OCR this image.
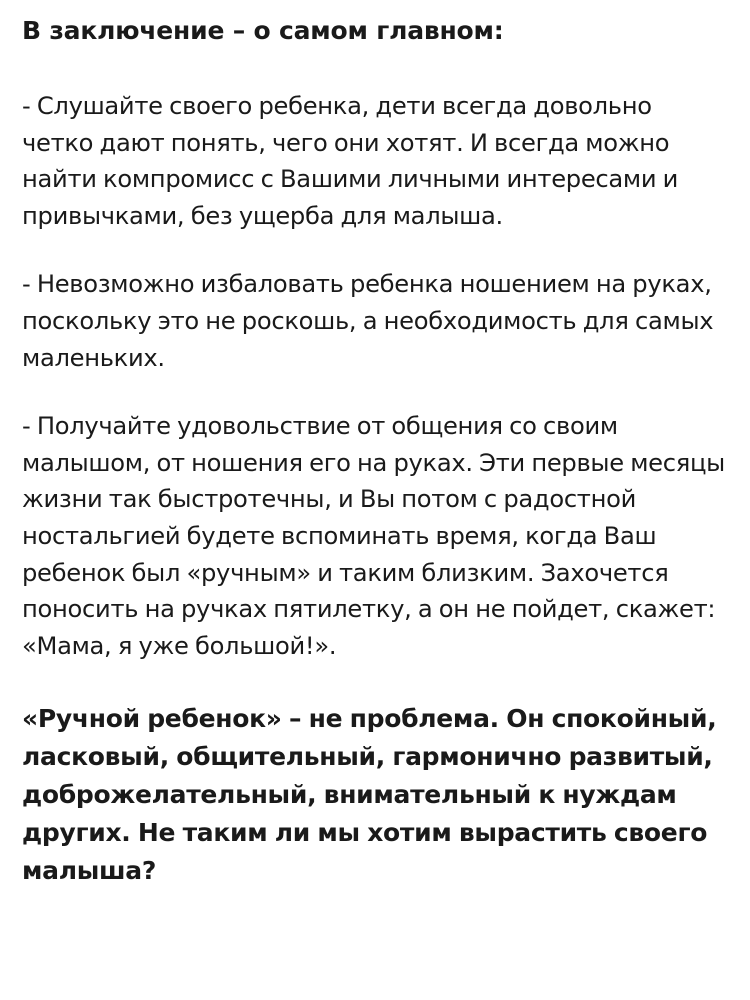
В заключение – о самом главном:

- Слушайте своего ребенка, дети всегда довольно четко дают понять, чего они хотят. И всегда можно найти компромисс с Вашими личными интересами и привычками, без ущерба для малыша.

- Невозможно избаловать ребенка ношением на руках, поскольку это не роскошь, а необходимость для самых маленьких.

- Получайте удовольствие от общения со своим малышом, от ношения его на руках. Эти первые месяцы жизни так быстротечны, и Вы потом с радостной ностальгией будете вспоминать время, когда Ваш ребенок был «ручным» и таким близким. Захочется поносить на ручках пятилетку, а он не пойдет, скажет: «Мама, я уже большой!».

«Ручной ребенок» – не проблема. Он спокойный, ласковый, общительный, гармонично развитый, доброжелательный, внимательный к нуждам других. Не таким ли мы хотим вырастить своего малыша?
